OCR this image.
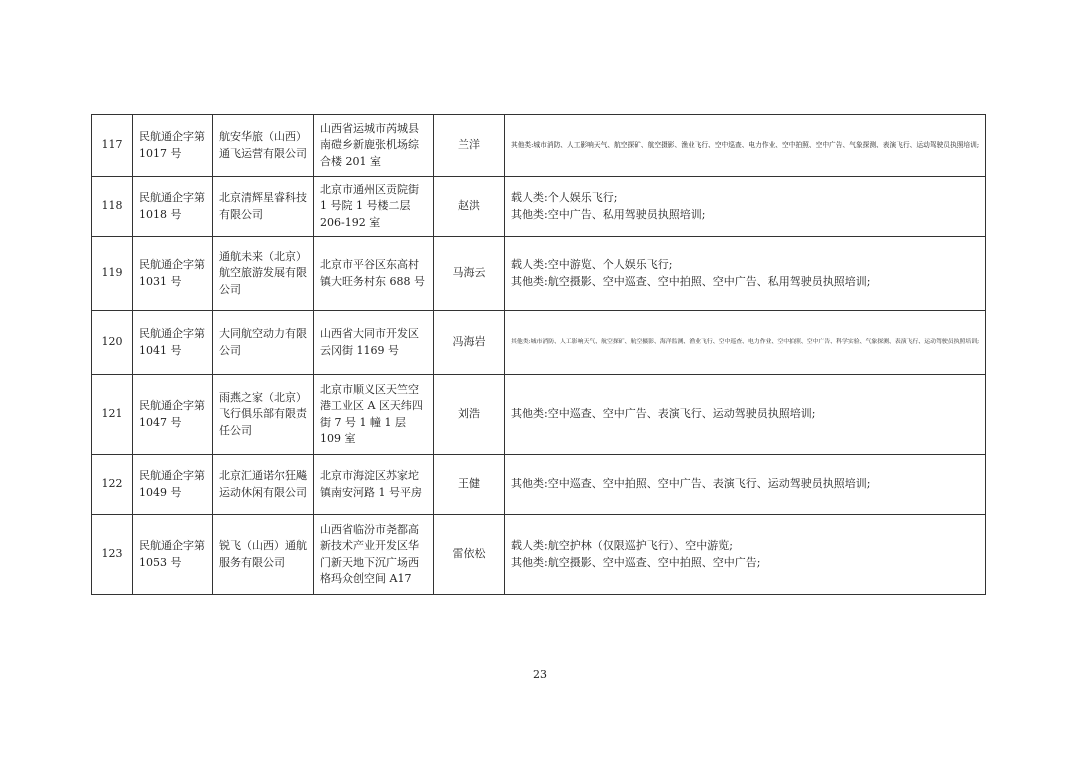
117	民航通企字第 1017 号	航安华旅（山西）通飞运营有限公司	山西省运城市芮城县南磑乡新鹿张机场综合楼 201 室	兰洋	其他类:城市消防、人工影响天气、航空探矿、航空摄影、渔业飞行、空中巡查、电力作业、空中拍照、空中广告、气象探测、表演飞行、运动驾驶员执照培训;

118	民航通企字第 1018 号	北京清辉星睿科技有限公司	北京市通州区贡院街 1 号院 1 号楼二层 206-192 室	赵洪	载人类:个人娱乐飞行;
其他类:空中广告、私用驾驶员执照培训;

119	民航通企字第 1031 号	通航未来（北京）航空旅游发展有限公司	北京市平谷区东高村镇大旺务村东 688 号	马海云	载人类:空中游览、个人娱乐飞行;
其他类:航空摄影、空中巡查、空中拍照、空中广告、私用驾驶员执照培训;

120	民航通企字第 1041 号	大同航空动力有限公司	山西省大同市开发区云冈街 1169 号	冯海岩	其他类:城市消防、人工影响天气、航空探矿、航空摄影、海洋监测、渔业飞行、空中巡查、电力作业、空中拍照、空中广告、科学实验、气象探测、表演飞行、运动驾驶员执照培训;

121	民航通企字第 1047 号	雨燕之家（北京）飞行俱乐部有限责任公司	北京市顺义区天竺空港工业区 A 区天纬四街 7 号 1 幢 1 层 109 室	刘浩	其他类:空中巡查、空中广告、表演飞行、运动驾驶员执照培训;

122	民航通企字第 1049 号	北京汇通诺尔狂飚运动休闲有限公司	北京市海淀区苏家坨镇南安河路 1 号平房	王健	其他类:空中巡查、空中拍照、空中广告、表演飞行、运动驾驶员执照培训;

123	民航通企字第 1053 号	锐飞（山西）通航服务有限公司	山西省临汾市尧都高新技术产业开发区华门新天地下沉广场西格玛众创空间 A17	雷依松	载人类:航空护林（仅限巡护飞行）、空中游览;
其他类:航空摄影、空中巡查、空中拍照、空中广告;
23
